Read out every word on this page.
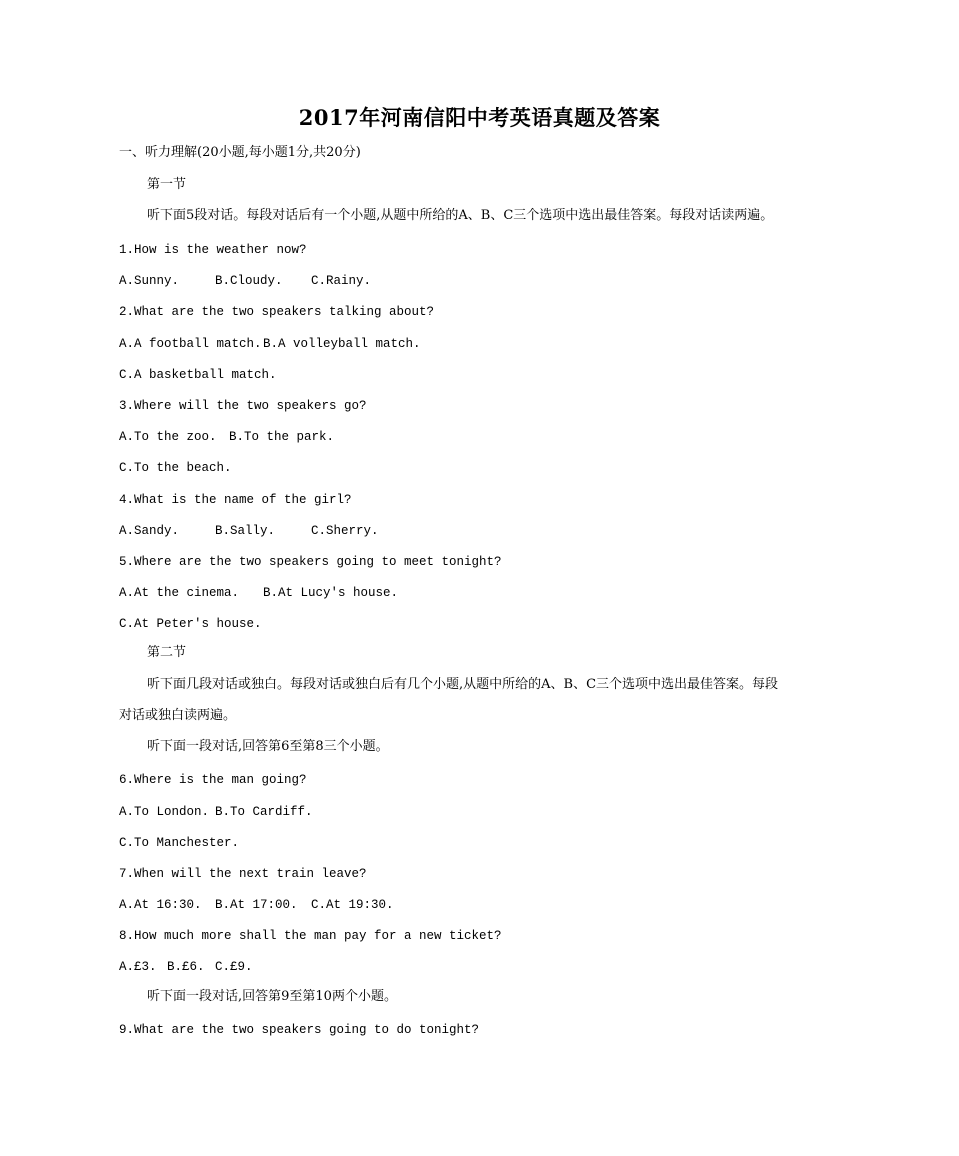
2017年河南信阳中考英语真题及答案
一、听力理解(20小题,每小题1分,共20分)
第一节
听下面5段对话。每段对话后有一个小题,从题中所给的A、B、C三个选项中选出最佳答案。每段对话读两遍。
1.How is the weather now?
A.Sunny.	B.Cloudy. C.Rainy.
2.What are the two speakers talking about?
A.A football match.B.A volleyball match.
C.A basketball match.
3.Where will the two speakers go?
A.To the zoo. B.To the park.
C.To the beach.
4.What is the name of the girl?
A.Sandy.	B.Sally.	C.Sherry.
5.Where are the two speakers going to meet tonight?
A.At the cinema. B.At Lucy's house.
C.At Peter's house.
第二节
听下面几段对话或独白。每段对话或独白后有几个小题,从题中所给的A、B、C三个选项中选出最佳答案。每段
对话或独白读两遍。
听下面一段对话,回答第6至第8三个小题。
6.Where is the man going?
A.To London. B.To Cardiff.
C.To Manchester.
7.When will the next train leave?
A.At 16:30. B.At 17:00. C.At 19:30.
8.How much more shall the man pay for a new ticket?
A.£3. B.£6. C.£9.
听下面一段对话,回答第9至第10两个小题。
9.What are the two speakers going to do tonight?
